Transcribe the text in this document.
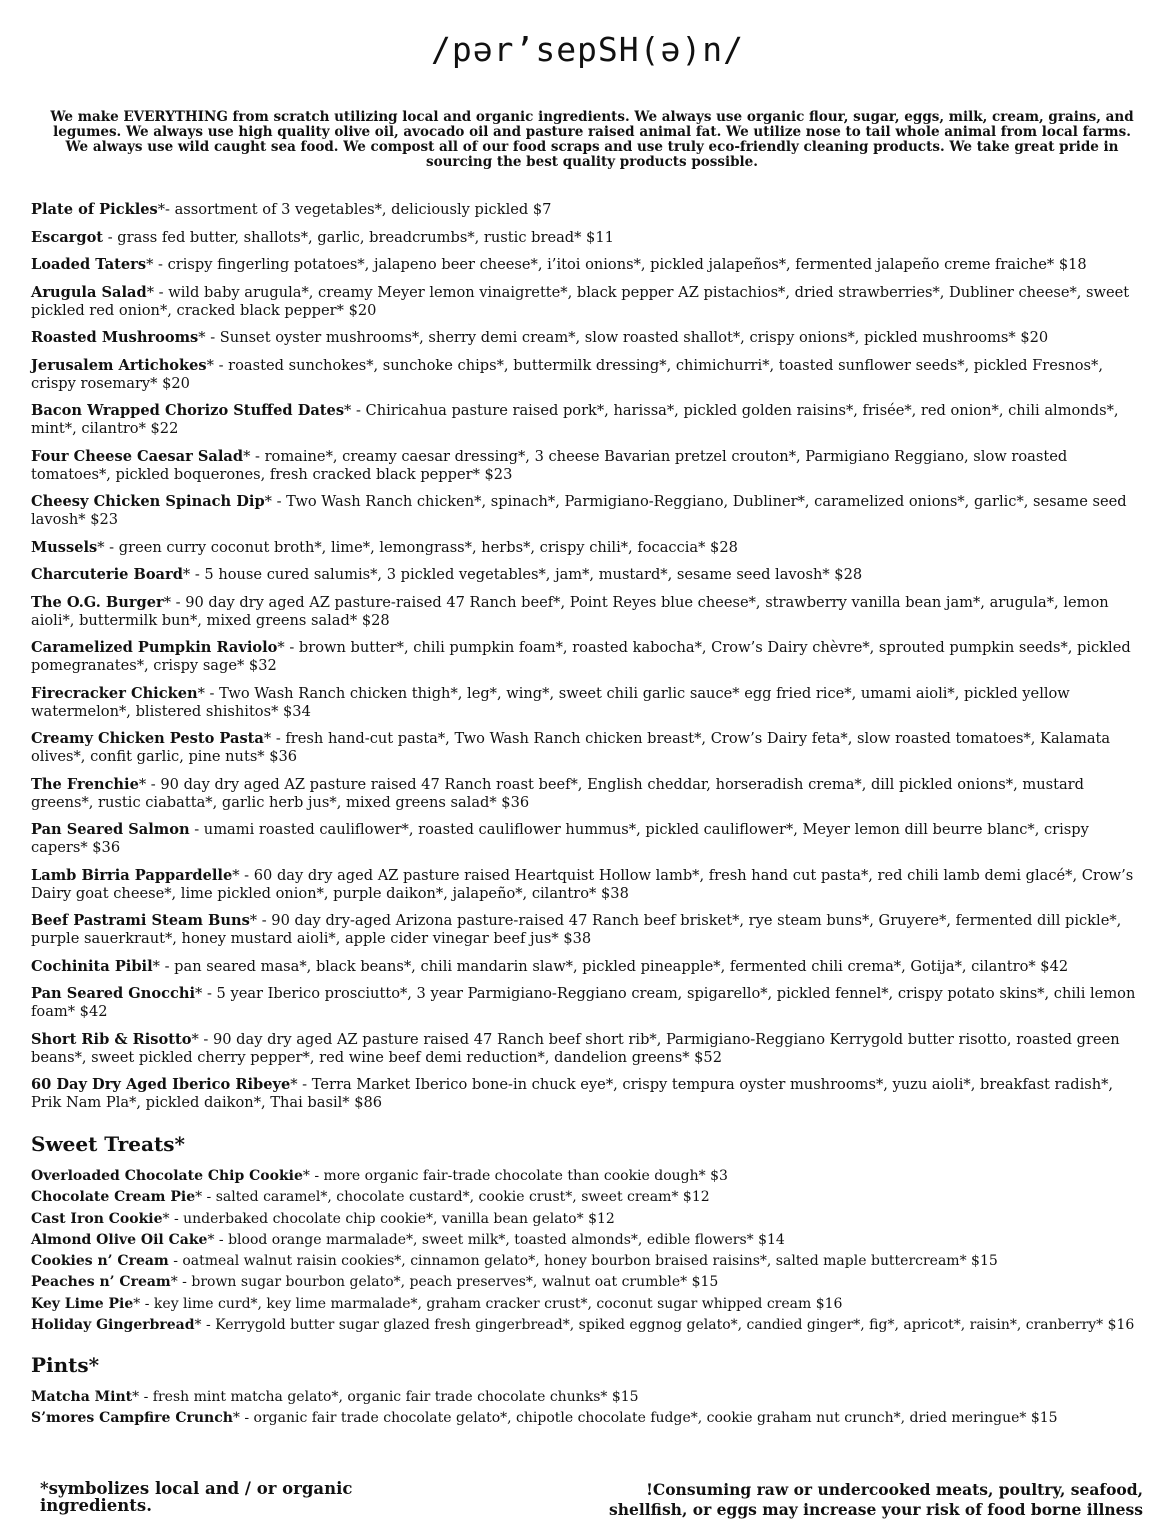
/pər’sepSH(ə)n/
We make EVERYTHING from scratch utilizing local and organic ingredients. We always use organic flour, sugar, eggs, milk, cream, grains, and legumes. We always use high quality olive oil, avocado oil and pasture raised animal fat. We utilize nose to tail whole animal from local farms. We always use wild caught sea food. We compost all of our food scraps and use truly eco-friendly cleaning products. We take great pride in sourcing the best quality products possible.
Plate of Pickles*- assortment of 3 vegetables*, deliciously pickled $7
Escargot - grass fed butter, shallots*, garlic, breadcrumbs*, rustic bread* $11
Loaded Taters* - crispy fingerling potatoes*, jalapeno beer cheese*, i’itoi onions*, pickled jalapeños*, fermented jalapeño creme fraiche* $18
Arugula Salad* - wild baby arugula*, creamy Meyer lemon vinaigrette*, black pepper AZ pistachios*, dried strawberries*, Dubliner cheese*, sweet pickled red onion*, cracked black pepper* $20
Roasted Mushrooms* - Sunset oyster mushrooms*, sherry demi cream*, slow roasted shallot*, crispy onions*, pickled mushrooms* $20
Jerusalem Artichokes* - roasted sunchokes*, sunchoke chips*, buttermilk dressing*, chimichurri*, toasted sunflower seeds*, pickled Fresnos*, crispy rosemary* $20
Bacon Wrapped Chorizo Stuffed Dates* - Chiricahua pasture raised pork*, harissa*, pickled golden raisins*, frisée*, red onion*, chili almonds*, mint*, cilantro* $22
Four Cheese Caesar Salad* - romaine*, creamy caesar dressing*, 3 cheese Bavarian pretzel crouton*, Parmigiano Reggiano, slow roasted tomatoes*, pickled boquerones, fresh cracked black pepper* $23
Cheesy Chicken Spinach Dip* - Two Wash Ranch chicken*, spinach*, Parmigiano-Reggiano, Dubliner*, caramelized onions*, garlic*, sesame seed lavosh* $23
Mussels* - green curry coconut broth*, lime*, lemongrass*, herbs*, crispy chili*, focaccia* $28
Charcuterie Board* - 5 house cured salumis*, 3 pickled vegetables*, jam*, mustard*, sesame seed lavosh* $28
The O.G. Burger* - 90 day dry aged AZ pasture-raised 47 Ranch beef*, Point Reyes blue cheese*, strawberry vanilla bean jam*, arugula*, lemon aioli*, buttermilk bun*, mixed greens salad* $28
Caramelized Pumpkin Raviolo* - brown butter*, chili pumpkin foam*, roasted kabocha*, Crow’s Dairy chèvre*, sprouted pumpkin seeds*, pickled pomegranates*, crispy sage* $32
Firecracker Chicken* - Two Wash Ranch chicken thigh*, leg*, wing*, sweet chili garlic sauce* egg fried rice*, umami aioli*, pickled yellow watermelon*, blistered shishitos* $34
Creamy Chicken Pesto Pasta* - fresh hand-cut pasta*, Two Wash Ranch chicken breast*, Crow’s Dairy feta*, slow roasted tomatoes*, Kalamata olives*, confit garlic, pine nuts* $36
The Frenchie* - 90 day dry aged AZ pasture raised 47 Ranch roast beef*, English cheddar, horseradish crema*, dill pickled onions*, mustard greens*, rustic ciabatta*, garlic herb jus*, mixed greens salad* $36
Pan Seared Salmon - umami roasted cauliflower*, roasted cauliflower hummus*, pickled cauliflower*, Meyer lemon dill beurre blanc*, crispy capers* $36
Lamb Birria Pappardelle* - 60 day dry aged AZ pasture raised Heartquist Hollow lamb*, fresh hand cut pasta*, red chili lamb demi glacé*, Crow’s Dairy goat cheese*, lime pickled onion*, purple daikon*, jalapeño*, cilantro* $38
Beef Pastrami Steam Buns* - 90 day dry-aged Arizona pasture-raised 47 Ranch beef brisket*, rye steam buns*, Gruyere*, fermented dill pickle*, purple sauerkraut*, honey mustard aioli*, apple cider vinegar beef jus* $38
Cochinita Pibil* - pan seared masa*, black beans*, chili mandarin slaw*, pickled pineapple*, fermented chili crema*, Gotija*, cilantro* $42
Pan Seared Gnocchi* - 5 year Iberico prosciutto*, 3 year Parmigiano-Reggiano cream, spigarello*, pickled fennel*, crispy potato skins*, chili lemon foam* $42
Short Rib & Risotto* - 90 day dry aged AZ pasture raised 47 Ranch beef short rib*, Parmigiano-Reggiano Kerrygold butter risotto, roasted green beans*, sweet pickled cherry pepper*, red wine beef demi reduction*, dandelion greens* $52
60 Day Dry Aged Iberico Ribeye* - Terra Market Iberico bone-in chuck eye*, crispy tempura oyster mushrooms*, yuzu aioli*, breakfast radish*, Prik Nam Pla*, pickled daikon*, Thai basil* $86
Sweet Treats*
Overloaded Chocolate Chip Cookie* - more organic fair-trade chocolate than cookie dough* $3
Chocolate Cream Pie* - salted caramel*, chocolate custard*, cookie crust*, sweet cream* $12
Cast Iron Cookie* - underbaked chocolate chip cookie*, vanilla bean gelato* $12
Almond Olive Oil Cake* - blood orange marmalade*, sweet milk*, toasted almonds*, edible flowers* $14
Cookies n’ Cream - oatmeal walnut raisin cookies*, cinnamon gelato*, honey bourbon braised raisins*, salted maple buttercream* $15
Peaches n’ Cream* - brown sugar bourbon gelato*, peach preserves*, walnut oat crumble* $15
Key Lime Pie* - key lime curd*, key lime marmalade*, graham cracker crust*, coconut sugar whipped cream $16
Holiday Gingerbread* - Kerrygold butter sugar glazed fresh gingerbread*, spiked eggnog gelato*, candied ginger*, fig*, apricot*, raisin*, cranberry* $16
Pints*
Matcha Mint* - fresh mint matcha gelato*, organic fair trade chocolate chunks* $15
S’mores Campfire Crunch* - organic fair trade chocolate gelato*, chipotle chocolate fudge*, cookie graham nut crunch*, dried meringue* $15
*symbolizes local and / or organic ingredients.
!Consuming raw or undercooked meats, poultry, seafood, shellfish, or eggs may increase your risk of food borne illness
